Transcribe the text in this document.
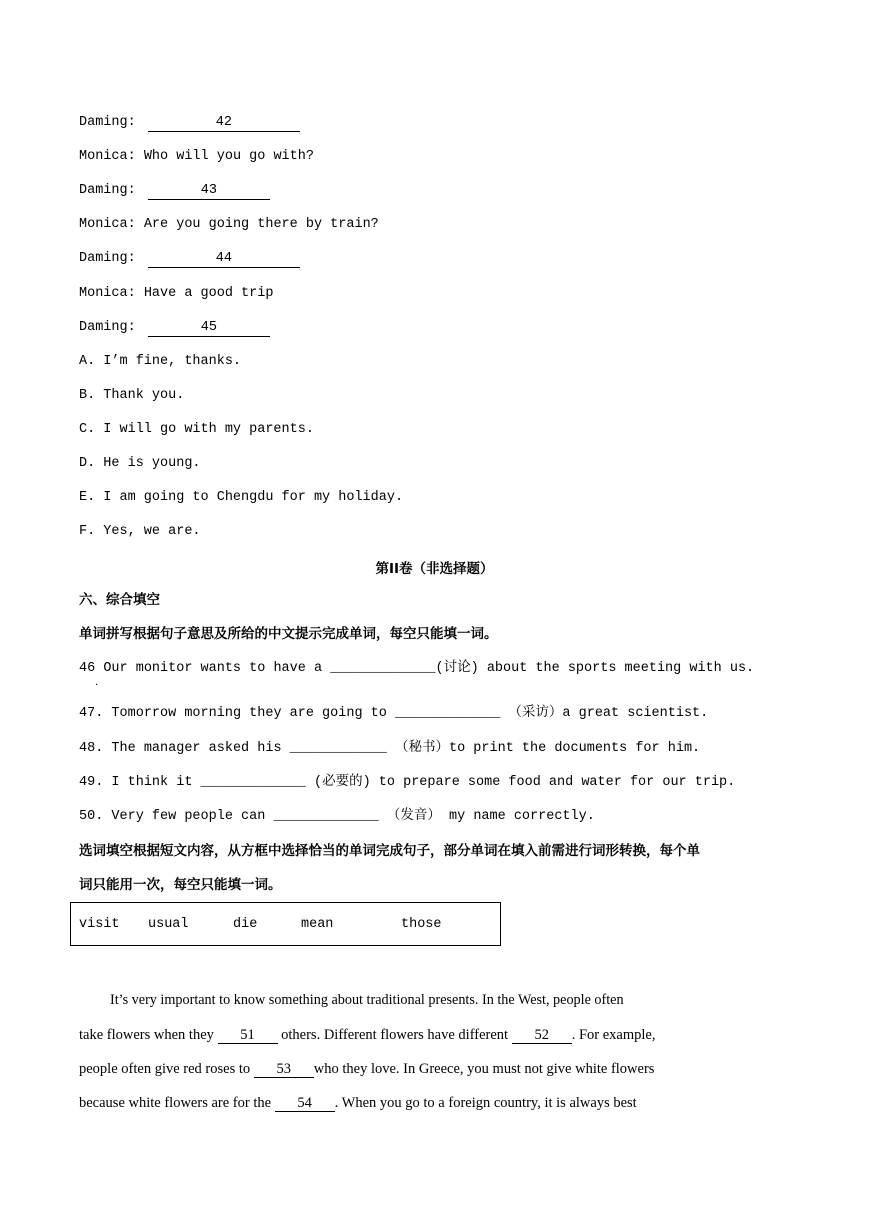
Daming:	42
Monica: Who will you go with?
Daming:	43
Monica: Are you going there by train?
Daming:	44
Monica: Have a good trip
Daming:	45
A. I’m fine, thanks.
B. Thank you.
C. I will go with my parents.
D. He is young.
E. I am going to Chengdu for my holiday.
F. Yes, we are.
第II卷（非选择题）
六、综合填空
单词拼写根据句子意思及所给的中文提示完成单词，每空只能填一词。
46 Our monitor wants to have a _____________(讨论) about the sports meeting with us.
·
47. Tomorrow morning they are going to _____________ （采访）a great scientist.
48. The manager asked his ____________ （秘书）to print the documents for him.
49. I think it _____________ (必要的) to prepare some food and water for our trip.
50. Very few people can _____________ （发音） my name correctly.
选词填空根据短文内容，从方框中选择恰当的单词完成句子，部分单词在填入前需进行词形转换，每个单
词只能用一次，每空只能填一词。
visit usual	die	mean	those
It’s very important to know something about traditional presents. In the West, people often
take flowers when they 51 others. Different flowers have different 52 . For example,
people often give red roses to 53 who they love. In Greece, you must not give white flowers
because white flowers are for the 54 . When you go to a foreign country, it is always best
